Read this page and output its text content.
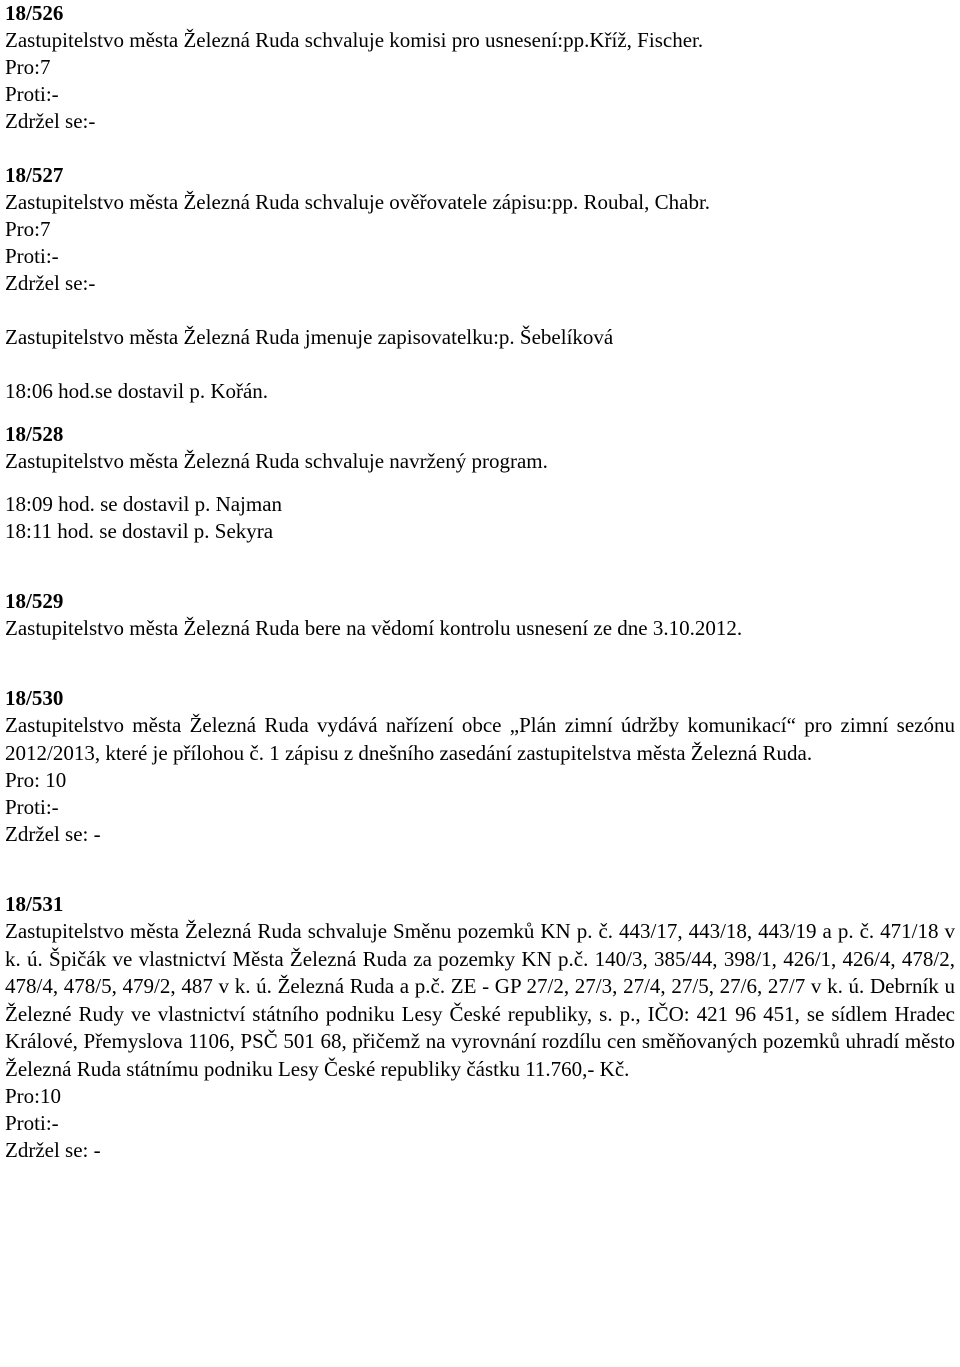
18/526
Zastupitelstvo města Železná Ruda schvaluje komisi pro usnesení:pp.Kříž, Fischer.
Pro:7
Proti:-
Zdržel se:-
18/527
Zastupitelstvo města Železná Ruda schvaluje ověřovatele zápisu:pp. Roubal, Chabr.
Pro:7
Proti:-
Zdržel se:-
Zastupitelstvo města Železná Ruda jmenuje zapisovatelku:p. Šebelíková
18:06 hod.se dostavil p. Kořán.
18/528
Zastupitelstvo města Železná Ruda schvaluje navržený program.
18:09 hod. se dostavil p. Najman
18:11 hod. se dostavil p. Sekyra
18/529
Zastupitelstvo města Železná Ruda bere na vědomí kontrolu usnesení ze dne 3.10.2012.
18/530
Zastupitelstvo města Železná Ruda vydává nařízení obce „Plán zimní údržby komunikací“ pro zimní sezónu 2012/2013, které je přílohou č. 1 zápisu z dnešního zasedání zastupitelstva města Železná Ruda.
Pro: 10
Proti:-
Zdržel se: -
18/531
Zastupitelstvo města Železná Ruda schvaluje Směnu pozemků KN p. č. 443/17, 443/18, 443/19 a p. č. 471/18 v k. ú. Špičák ve vlastnictví Města Železná Ruda za pozemky KN p.č. 140/3, 385/44, 398/1, 426/1, 426/4, 478/2, 478/4, 478/5, 479/2, 487 v k. ú. Železná Ruda a p.č. ZE - GP 27/2, 27/3, 27/4, 27/5, 27/6, 27/7 v k. ú. Debrník u Železné Rudy ve vlastnictví státního podniku Lesy České republiky, s. p., IČO: 421 96 451, se sídlem Hradec Králové, Přemyslova 1106, PSČ 501 68, přičemž na vyrovnání rozdílu cen směňovaných pozemků uhradí město Železná Ruda státnímu podniku Lesy České republiky částku 11.760,- Kč.
Pro:10
Proti:-
Zdržel se: -
